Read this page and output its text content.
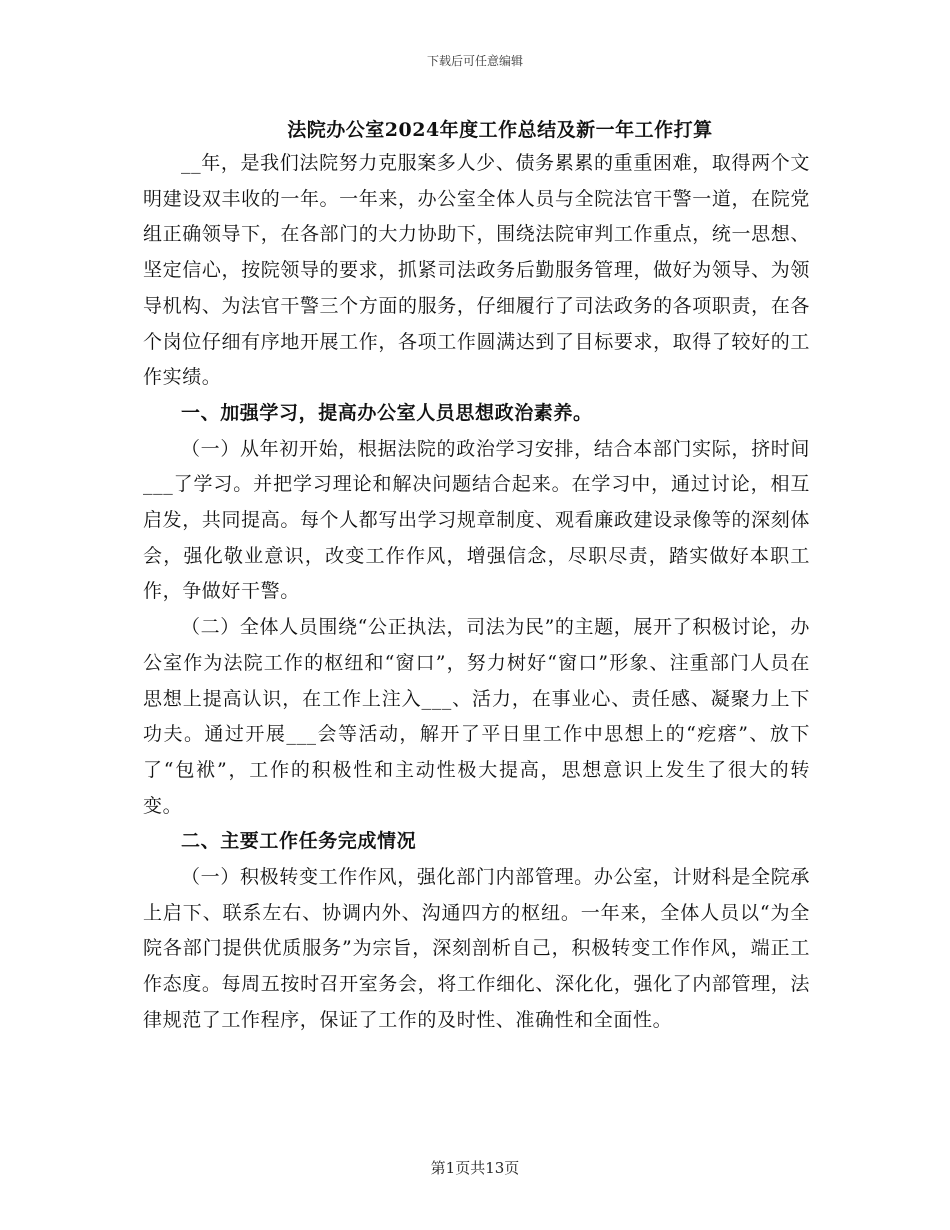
下载后可任意编辑
法院办公室2024年度工作总结及新一年工作打算

__年，是我们法院努力克服案多人少、债务累累的重重困难，取得两个文明建设双丰收的一年。一年来，办公室全体人员与全院法官干警一道，在院党组正确领导下，在各部门的大力协助下，围绕法院审判工作重点，统一思想、坚定信心，按院领导的要求，抓紧司法政务后勤服务管理，做好为领导、为领导机构、为法官干警三个方面的服务，仔细履行了司法政务的各项职责，在各个岗位仔细有序地开展工作，各项工作圆满达到了目标要求，取得了较好的工作实绩。

一、加强学习，提高办公室人员思想政治素养。

（一）从年初开始，根据法院的政治学习安排，结合本部门实际，挤时间___了学习。并把学习理论和解决问题结合起来。在学习中，通过讨论，相互启发，共同提高。每个人都写出学习规章制度、观看廉政建设录像等的深刻体会，强化敬业意识，改变工作作风，增强信念，尽职尽责，踏实做好本职工作，争做好干警。

（二）全体人员围绕“公正执法，司法为民”的主题，展开了积极讨论，办公室作为法院工作的枢纽和“窗口”，努力树好“窗口”形象、注重部门人员在思想上提高认识，在工作上注入___、活力，在事业心、责任感、凝聚力上下功夫。通过开展___会等活动，解开了平日里工作中思想上的“疙瘩”、放下了“包袱”，工作的积极性和主动性极大提高，思想意识上发生了很大的转变。

二、主要工作任务完成情况

（一）积极转变工作作风，强化部门内部管理。办公室，计财科是全院承上启下、联系左右、协调内外、沟通四方的枢纽。一年来，全体人员以“为全院各部门提供优质服务”为宗旨，深刻剖析自己，积极转变工作作风，端正工作态度。每周五按时召开室务会，将工作细化、深化化，强化了内部管理，法律规范了工作程序，保证了工作的及时性、准确性和全面性。

第1页共13页
